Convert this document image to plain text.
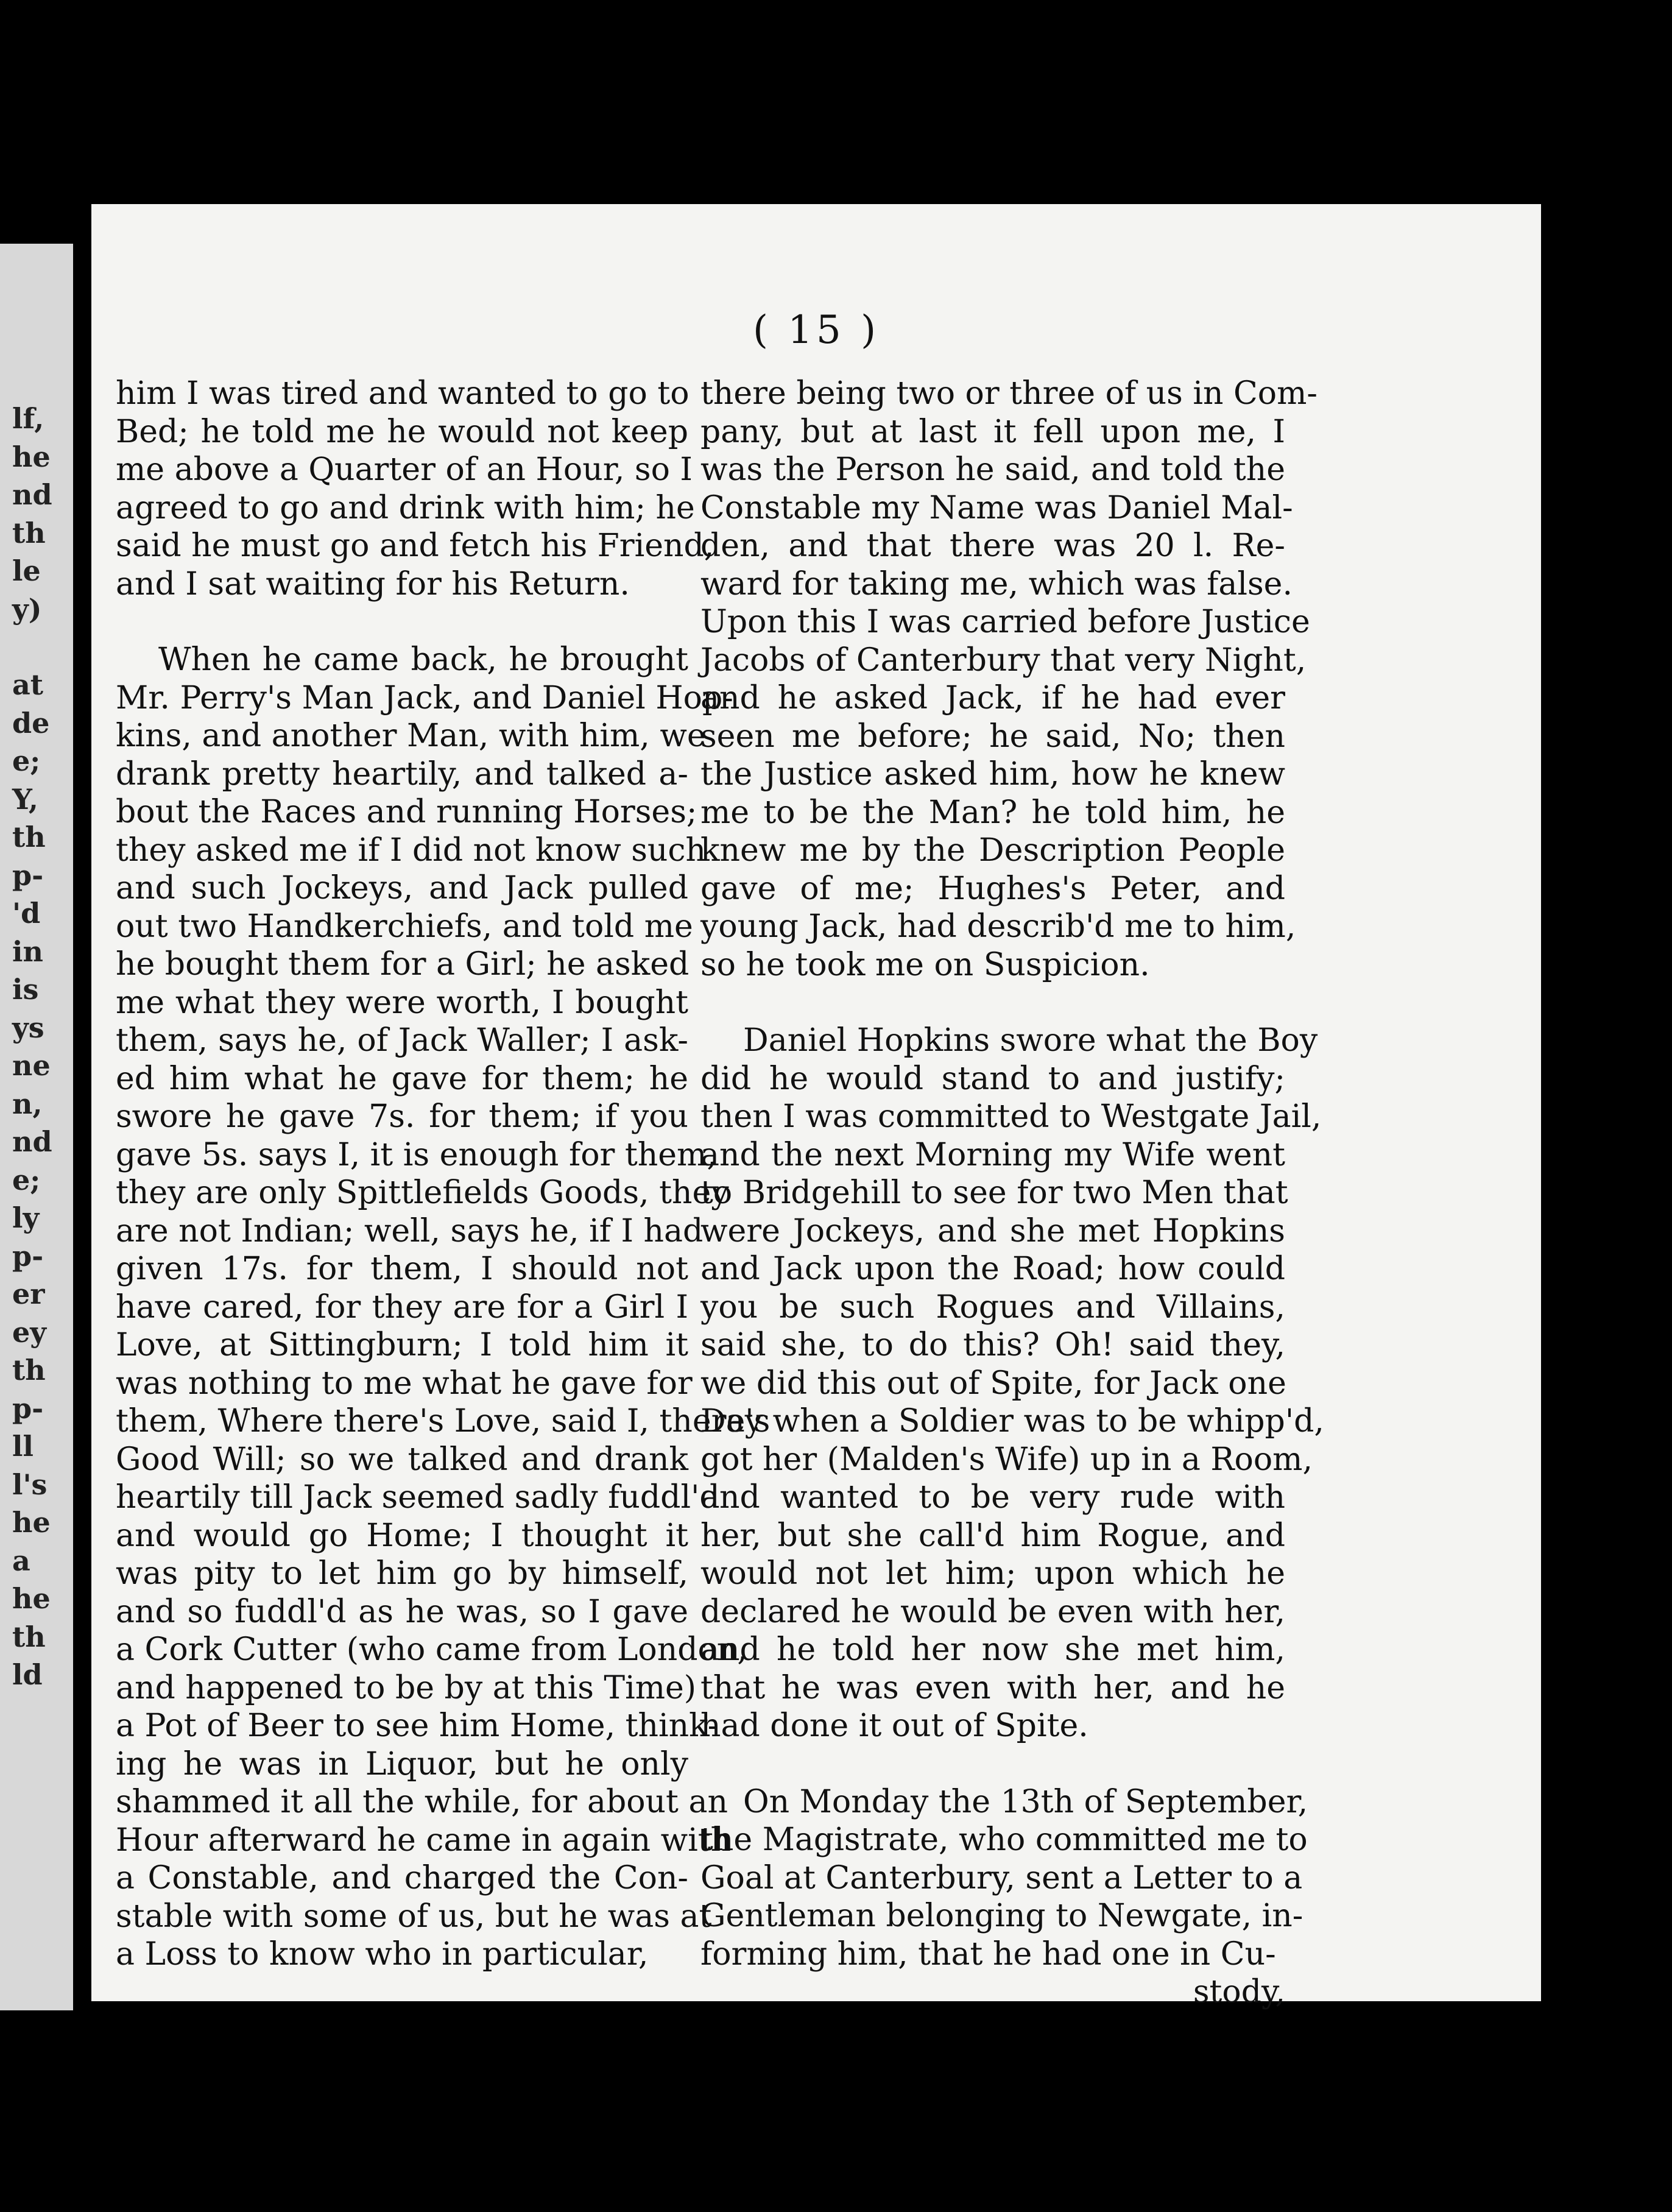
lf,
he
nd
th
le
y)
at
de
e;
Y,
th
p-
'd
in
is
ys
ne
n,
nd
e;
ly
p-
er
ey
th
p-
ll
l's
he
a
he
th
ld
( 15 )
him I was tired and wanted to go to
Bed; he told me he would not keep
me above a Quarter of an Hour, so I
agreed to go and drink with him; he
said he must go and fetch his Friend,
and I sat waiting for his Return.
When he came back, he brought
Mr. Perry's Man Jack, and Daniel Hop-
kins, and another Man, with him, we
drank pretty heartily, and talked a-
bout the Races and running Horses;
they asked me if I did not know such
and such Jockeys, and Jack pulled
out two Handkerchiefs, and told me
he bought them for a Girl; he asked
me what they were worth, I bought
them, says he, of Jack Waller; I ask-
ed him what he gave for them; he
swore he gave 7s. for them; if you
gave 5s. says I, it is enough for them,
they are only Spittlefields Goods, they
are not Indian; well, says he, if I had
given 17s. for them, I should not
have cared, for they are for a Girl I
Love, at Sittingburn; I told him it
was nothing to me what he gave for
them, Where there's Love, said I, there's
Good Will; so we talked and drank
heartily till Jack seemed sadly fuddl'd
and would go Home; I thought it
was pity to let him go by himself,
and so fuddl'd as he was, so I gave
a Cork Cutter (who came from London,
and happened to be by at this Time)
a Pot of Beer to see him Home, think-
ing he was in Liquor, but he only
shammed it all the while, for about an
Hour afterward he came in again with
a Constable, and charged the Con-
stable with some of us, but he was at
a Loss to know who in particular,
there being two or three of us in Com-
pany, but at last it fell upon me, I
was the Person he said, and told the
Constable my Name was Daniel Mal-
den, and that there was 20 l. Re-
ward for taking me, which was false.
Upon this I was carried before Justice
Jacobs of Canterbury that very Night,
and he asked Jack, if he had ever
seen me before; he said, No; then
the Justice asked him, how he knew
me to be the Man? he told him, he
knew me by the Description People
gave of me; Hughes's Peter, and
young Jack, had describ'd me to him,
so he took me on Suspicion.
Daniel Hopkins swore what the Boy
did he would stand to and justify;
then I was committed to Westgate Jail,
and the next Morning my Wife went
to Bridgehill to see for two Men that
were Jockeys, and she met Hopkins
and Jack upon the Road; how could
you be such Rogues and Villains,
said she, to do this? Oh! said they,
we did this out of Spite, for Jack one
Day when a Soldier was to be whipp'd,
got her (Malden's Wife) up in a Room,
and wanted to be very rude with
her, but she call'd him Rogue, and
would not let him; upon which he
declared he would be even with her,
and he told her now she met him,
that he was even with her, and he
had done it out of Spite.
On Monday the 13th of September,
the Magistrate, who committed me to
Goal at Canterbury, sent a Letter to a
Gentleman belonging to Newgate, in-
forming him, that he had one in Cu-
stody,
